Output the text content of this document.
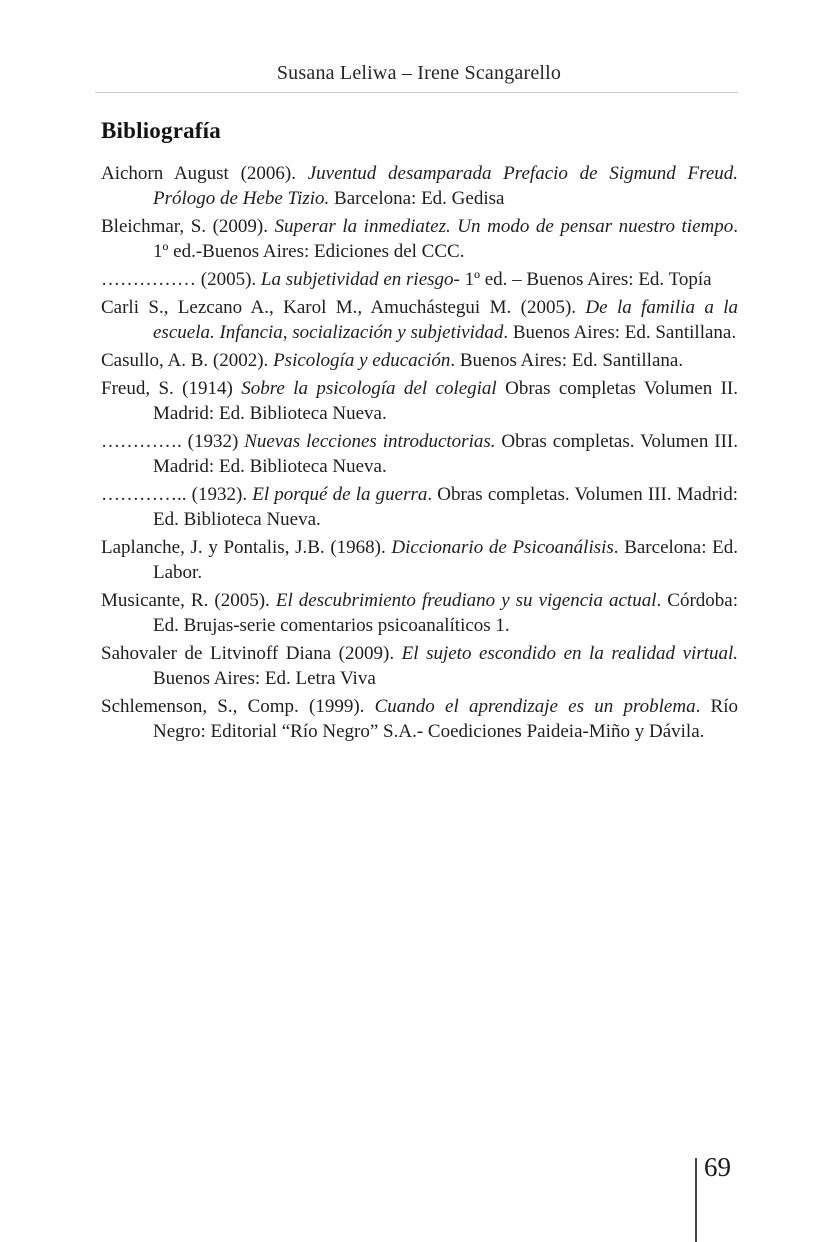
Susana Leliwa – Irene Scangarello
Bibliografía

Aichorn August (2006). Juventud desamparada Prefacio de Sigmund Freud. Prólogo de Hebe Tizio. Barcelona: Ed. Gedisa

Bleichmar, S. (2009). Superar la inmediatez. Un modo de pensar nuestro tiempo. 1º ed.-Buenos Aires: Ediciones del CCC.

…………… (2005). La subjetividad en riesgo- 1º ed. – Buenos Aires: Ed. Topía

Carli S., Lezcano A., Karol M., Amuchástegui M. (2005). De la familia a la escuela. Infancia, socialización y subjetividad. Buenos Aires: Ed. Santillana.

Casullo, A. B. (2002). Psicología y educación. Buenos Aires: Ed. Santillana.

Freud, S. (1914) Sobre la psicología del colegial Obras completas Volumen II. Madrid: Ed. Biblioteca Nueva.

…………. (1932) Nuevas lecciones introductorias. Obras completas. Volumen III. Madrid: Ed. Biblioteca Nueva.

………….. (1932). El porqué de la guerra. Obras completas. Volumen III. Madrid: Ed. Biblioteca Nueva.

Laplanche, J. y Pontalis, J.B. (1968). Diccionario de Psicoanálisis. Barcelona: Ed. Labor.

Musicante, R. (2005). El descubrimiento freudiano y su vigencia actual. Córdoba: Ed. Brujas-serie comentarios psicoanalíticos 1.

Sahovaler de Litvinoff Diana (2009). El sujeto escondido en la realidad virtual. Buenos Aires: Ed. Letra Viva

Schlemenson, S., Comp. (1999). Cuando el aprendizaje es un problema. Río Negro: Editorial “Río Negro” S.A.- Coediciones Paideia-Miño y Dávila.

69
